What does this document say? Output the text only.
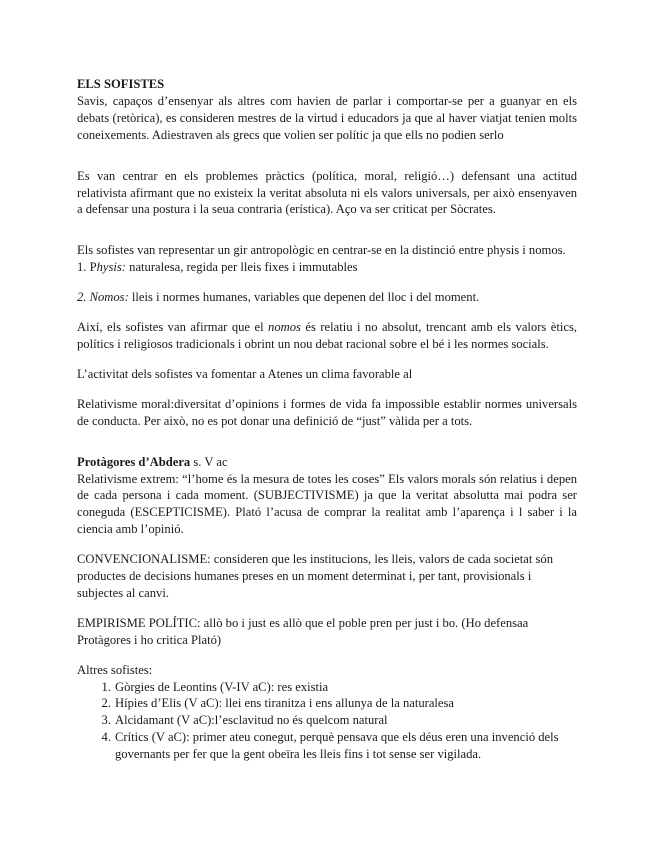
ELS SOFISTES

Savis, capaços d’ensenyar als altres com havien de parlar i comportar-se per a guanyar en els debats (retòrica), es consideren mestres de la virtud i educadors ja que al haver viatjat tenien molts coneixements. Adiestraven als grecs que volien ser polític ja que ells no podien serlo

Es van centrar en els problemes pràctics (política, moral, religió…) defensant una actitud relativista afirmant que no existeix la veritat absoluta ni els valors universals, per això ensenyaven a defensar una postura i la seua contraria (erística). Aço va ser criticat per Sòcrates.

Els sofistes van representar un gir antropològic en centrar-se en la distinció entre physis i nomos.

1. Physis: naturalesa, regida per lleis fixes i immutables

2. Nomos: lleis i normes humanes, variables que depenen del lloc i del moment.

Així, els sofistes van afirmar que el nomos és relatiu i no absolut, trencant amb els valors ètics, polítics i religiosos tradicionals i obrint un nou debat racional sobre el bé i les normes socials.

L’activitat dels sofistes va fomentar a Atenes un clima favorable al

Relativisme moral:diversitat d’opinions i formes de vida fa impossible establir normes universals de conducta. Per això, no es pot donar una definició de “just” vàlida per a tots.

Protàgores d’Abdera s. V ac

Relativisme extrem: “l’home és la mesura de totes les coses” Els valors morals són relatius i depen de cada persona i cada moment. (SUBJECTIVISME) ja que la veritat absolutta mai podra ser coneguda (ESCEPTICISME). Plató l’acusa de comprar la realitat amb l’aparença i l saber i la ciencia amb l’opinió.

CONVENCIONALISME: consideren que les institucions, les lleis, valors de cada societat són productes de decisions humanes preses en un moment determinat i, per tant, provisionals i subjectes al canvi.

EMPIRISME POLÍTIC: allò bo i just es allò que el poble pren per just i bo. (Ho defensaa Protàgores i ho critica Plató)

Altres sofistes:

1. Gòrgies de Leontins (V-IV aC): res existia
2. Hípies d’Elis (V aC): llei ens tiranitza i ens allunya de la naturalesa
3. Alcidamant (V aC):l’esclavitud no és quelcom natural
4. Crítics (V aC): primer ateu conegut, perquè pensava que els déus eren una invenció dels governants per fer que la gent obeïra les lleis fins i tot sense ser vigilada.
